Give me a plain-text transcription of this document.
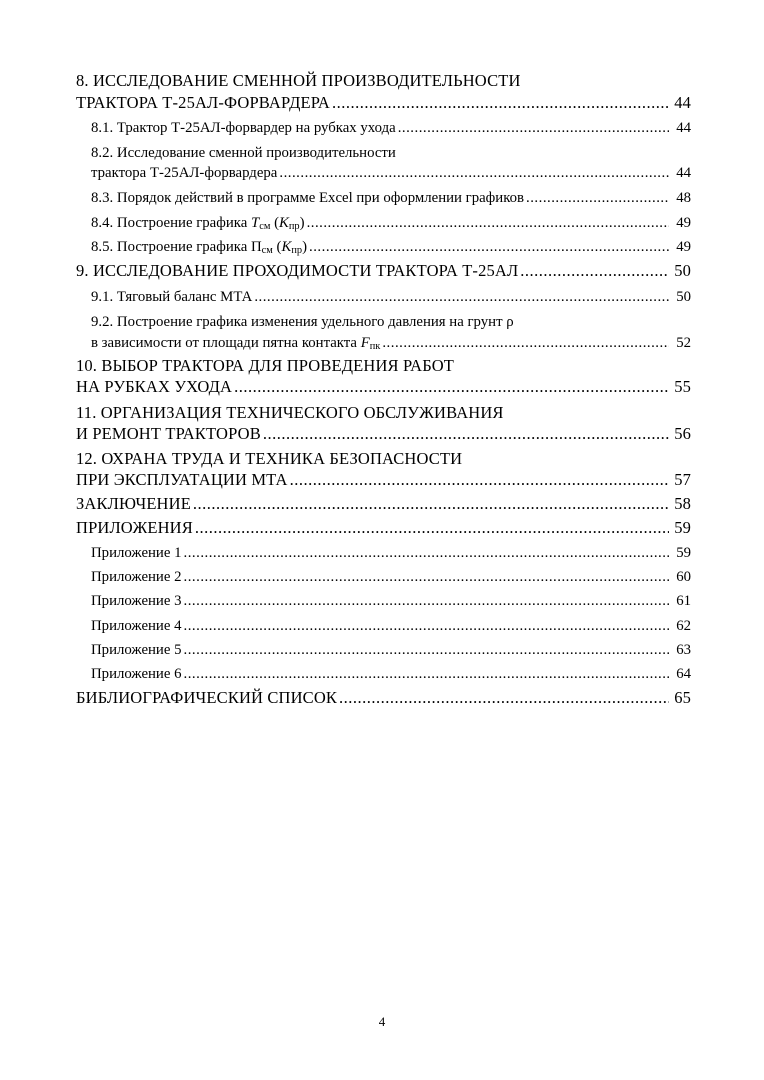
8. ИССЛЕДОВАНИЕ СМЕННОЙ ПРОИЗВОДИТЕЛЬНОСТИ
ТРАКТОРА Т-25АЛ-ФОРВАРДЕРА .....	44
8.1. Трактор Т-25АЛ-форвардер на рубках ухода .....	44
8.2. Исследование сменной производительности
трактора Т-25АЛ-форвардера .....	44
8.3. Порядок действий в программе Excel при оформлении графиков .....	48
8.4. Построение графика $T_{см}$ $(K_{пр})$ .....	49
8.5. Построение графика $П_{см}$ $(K_{пр})$ .....	49
9. ИССЛЕДОВАНИЕ ПРОХОДИМОСТИ ТРАКТОРА Т-25АЛ .....	50
9.1. Тяговый баланс МТА .....	50
9.2. Построение графика изменения удельного давления на грунт ρ
в зависимости от площади пятна контакта $F_{пк}$ .....	52
10. ВЫБОР ТРАКТОРА ДЛЯ ПРОВЕДЕНИЯ РАБОТ
НА РУБКАХ УХОДА .....	55
11. ОРГАНИЗАЦИЯ ТЕХНИЧЕСКОГО ОБСЛУЖИВАНИЯ
И РЕМОНТ ТРАКТОРОВ .....	56
12. ОХРАНА ТРУДА И ТЕХНИКА БЕЗОПАСНОСТИ
ПРИ ЭКСПЛУАТАЦИИ МТА .....	57
ЗАКЛЮЧЕНИЕ .....	58
ПРИЛОЖЕНИЯ .....	59
Приложение 1 .....	59
Приложение 2 .....	60
Приложение 3 .....	61
Приложение 4 .....	62
Приложение 5 .....	63
Приложение 6 .....	64
БИБЛИОГРАФИЧЕСКИЙ СПИСОК .....	65
4
